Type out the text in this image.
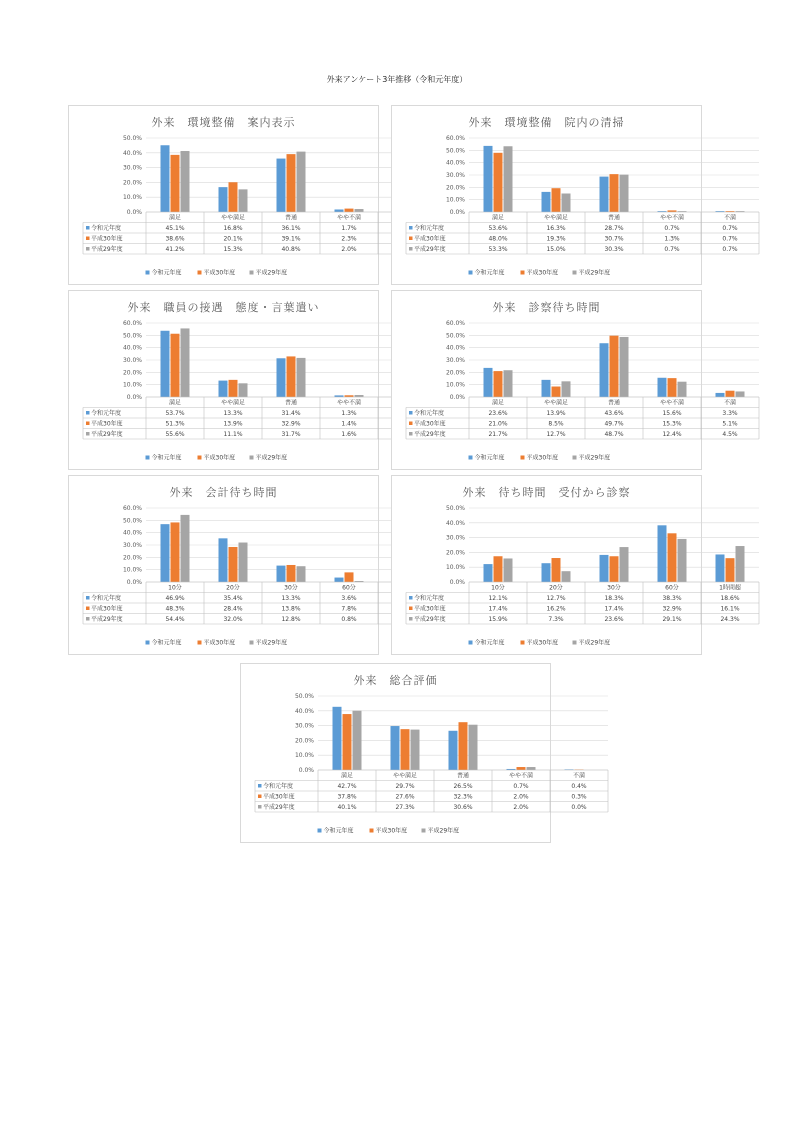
外来アンケート3年推移（令和元年度）
0.0%
10.0%
20.0%
30.0%
40.0%
50.0%
満足	やや満足	普通	やや不満
令和元年度	45.1%	16.8%	36.1%	1.7%
平成30年度	38.6%	20.1%	39.1%	2.3%
平成29年度	41.2%	15.3%	40.8%	2.0%
令和元年度	平成30年度	平成29年度
外来　環境整備　案内表示
0.0%
10.0%
20.0%
30.0%
40.0%
50.0%
60.0%
満足	やや満足	普通	やや不満	不満
令和元年度	53.6%	16.3%	28.7%	0.7%	0.7%
平成30年度	48.0%	19.3%	30.7%	1.3%	0.7%
平成29年度	53.3%	15.0%	30.3%	0.7%	0.7%
令和元年度	平成30年度	平成29年度
外来　環境整備　院内の清掃
0.0%
10.0%
20.0%
30.0%
40.0%
50.0%
60.0%
満足	やや満足	普通	やや不満
令和元年度	53.7%	13.3%	31.4%	1.3%
平成30年度	51.3%	13.9%	32.9%	1.4%
平成29年度	55.6%	11.1%	31.7%	1.6%
令和元年度	平成30年度	平成29年度
外来　職員の接遇　態度・言葉遣い
0.0%
10.0%
20.0%
30.0%
40.0%
50.0%
60.0%
満足	やや満足	普通	やや不満	不満
令和元年度	23.6%	13.9%	43.6%	15.6%	3.3%
平成30年度	21.0%	8.5%	49.7%	15.3%	5.1%
平成29年度	21.7%	12.7%	48.7%	12.4%	4.5%
令和元年度	平成30年度	平成29年度
外来　診察待ち時間
0.0%
10.0%
20.0%
30.0%
40.0%
50.0%
60.0%
10分	20分	30分	60分
令和元年度	46.9%	35.4%	13.3%	3.6%
平成30年度	48.3%	28.4%	13.8%	7.8%
平成29年度	54.4%	32.0%	12.8%	0.8%
令和元年度	平成30年度	平成29年度
外来　会計待ち時間
0.0%
10.0%
20.0%
30.0%
40.0%
50.0%
10分	20分	30分	60分	1時間超
令和元年度	12.1%	12.7%	18.3%	38.3%	18.6%
平成30年度	17.4%	16.2%	17.4%	32.9%	16.1%
平成29年度	15.9%	7.3%	23.6%	29.1%	24.3%
令和元年度	平成30年度	平成29年度
外来　待ち時間　受付から診察
0.0%
10.0%
20.0%
30.0%
40.0%
50.0%
満足	やや満足	普通	やや不満	不満
令和元年度	42.7%	29.7%	26.5%	0.7%	0.4%
平成30年度	37.8%	27.6%	32.3%	2.0%	0.3%
平成29年度	40.1%	27.3%	30.6%	2.0%	0.0%
令和元年度	平成30年度	平成29年度
外来　総合評価
